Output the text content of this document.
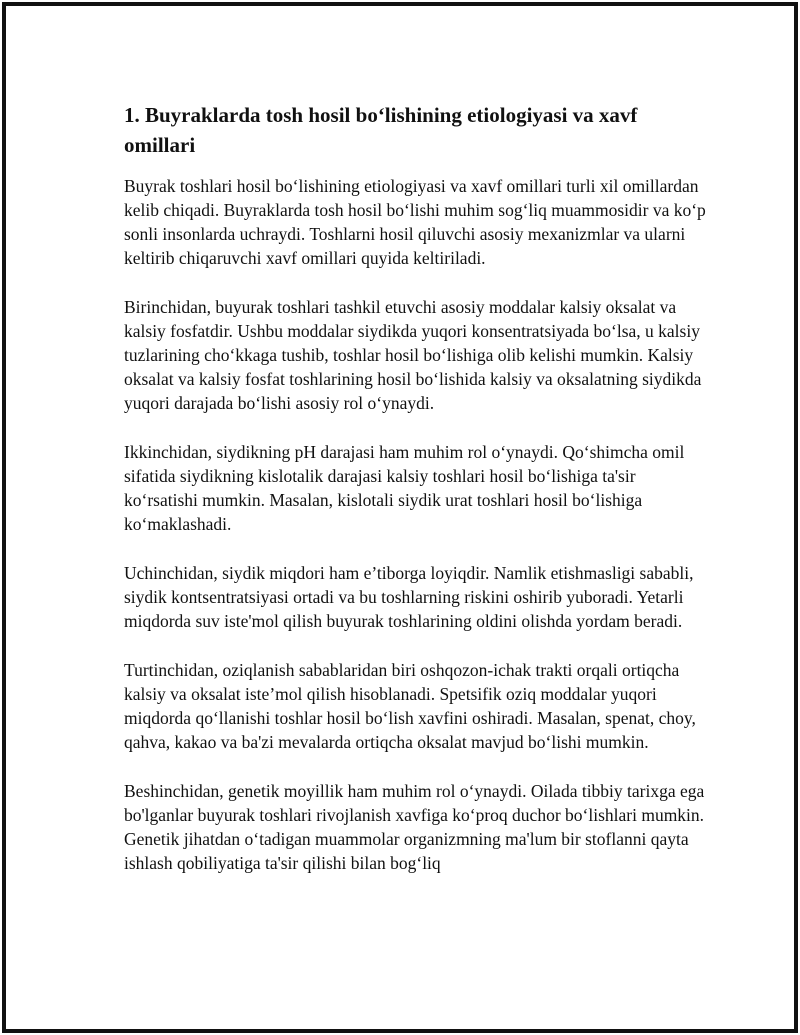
1. Buyraklarda tosh hosil bo‘lishining etiologiyasi va xavf omillari

Buyrak toshlari hosil bo‘lishining etiologiyasi va xavf omillari turli xil omillardan kelib chiqadi. Buyraklarda tosh hosil bo‘lishi muhim sog‘liq muammosidir va ko‘p sonli insonlarda uchraydi. Toshlarni hosil qiluvchi asosiy mexanizmlar va ularni keltirib chiqaruvchi xavf omillari quyida keltiriladi.

Birinchidan, buyurak toshlari tashkil etuvchi asosiy moddalar kalsiy oksalat va kalsiy fosfatdir. Ushbu moddalar siydikda yuqori konsentratsiyada bo‘lsa, u kalsiy tuzlarining cho‘kkaga tushib, toshlar hosil bo‘lishiga olib kelishi mumkin. Kalsiy oksalat va kalsiy fosfat toshlarining hosil bo‘lishida kalsiy va oksalatning siydikda yuqori darajada bo‘lishi asosiy rol o‘ynaydi.

Ikkinchidan, siydikning pH darajasi ham muhim rol o‘ynaydi. Qo‘shimcha omil sifatida siydikning kislotalik darajasi kalsiy toshlari hosil bo‘lishiga ta'sir ko‘rsatishi mumkin. Masalan, kislotali siydik urat toshlari hosil bo‘lishiga ko‘maklashadi.

Uchinchidan, siydik miqdori ham e’tiborga loyiqdir. Namlik etishmasligi sababli, siydik kontsentratsiyasi ortadi va bu toshlarning riskini oshirib yuboradi. Yetarli miqdorda suv iste'mol qilish buyurak toshlarining oldini olishda yordam beradi.

Turtinchidan, oziqlanish sabablaridan biri oshqozon-ichak trakti orqali ortiqcha kalsiy va oksalat iste’mol qilish hisoblanadi. Spetsifik oziq moddalar yuqori miqdorda qo‘llanishi toshlar hosil bo‘lish xavfini oshiradi. Masalan, spenat, choy, qahva, kakao va ba'zi mevalarda ortiqcha oksalat mavjud bo‘lishi mumkin.

Beshinchidan, genetik moyillik ham muhim rol o‘ynaydi. Oilada tibbiy tarixga ega bo'lganlar buyurak toshlari rivojlanish xavfiga ko‘proq duchor bo‘lishlari mumkin. Genetik jihatdan o‘tadigan muammolar organizmning ma'lum bir stoflanni qayta ishlash qobiliyatiga ta'sir qilishi bilan bog‘liq
